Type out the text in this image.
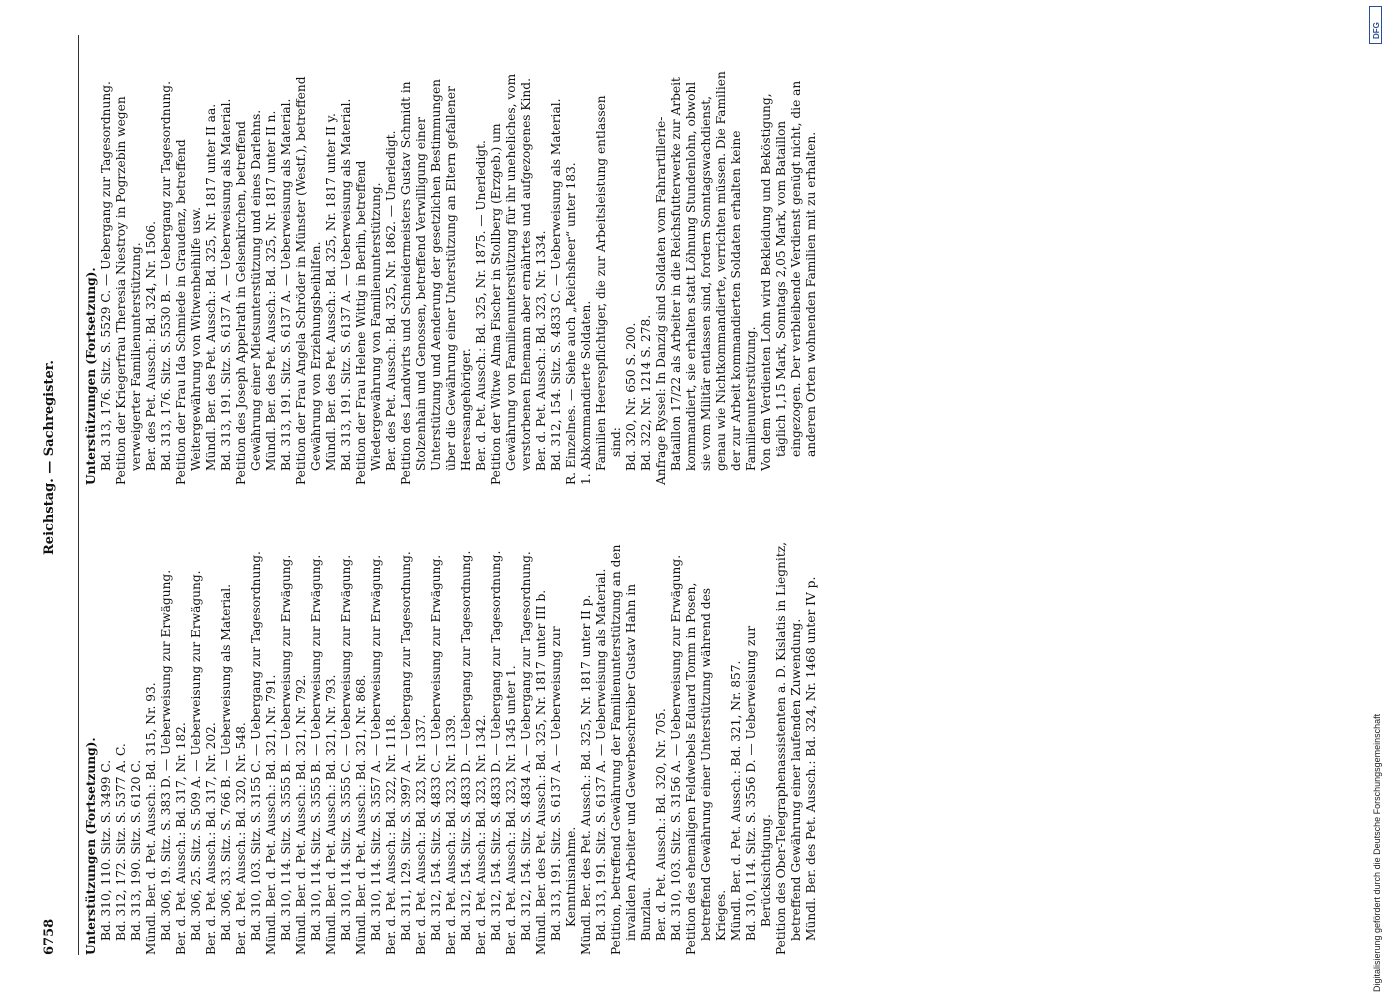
6758
Reichstag. — Sachregister.

Unterstützungen (Fortsetzung). Bd. 310, 110. Sitz. S. 3499 C. Bd. 312, 172. Sitz. S. 5377 A. C. Bd. 313, 190. Sitz. S. 6120 C. Mündl. Ber. d. Pet. Aussch.: Bd. 315, Nr. 93. Bd. 306, 19. Sitz. S. 383 D. — Ueberweisung zur Erwägung. Ber. d. Pet. Aussch.: Bd. 317, Nr. 182. Bd. 306, 25. Sitz. S. 509 A. — Ueberweisung zur Erwägung. Ber. d. Pet. Aussch.: Bd. 317, Nr. 202. Bd. 306, 33. Sitz. S. 766 B. — Ueberweisung als Material. Ber. d. Pet. Aussch.: Bd. 320, Nr. 548. Bd. 310, 103. Sitz. S. 3155 C. — Uebergang zur Tagesordnung. Mündl. Ber. d. Pet. Aussch.: Bd. 321, Nr. 791. Bd. 310, 114. Sitz. S. 3555 B. — Ueberweisung zur Erwägung. Mündl. Ber. d. Pet. Aussch.: Bd. 321, Nr. 792. Bd. 310, 114. Sitz. S. 3555 B. — Ueberweisung zur Erwägung. Mündl. Ber. d. Pet. Aussch.: Bd. 321, Nr. 793. Bd. 310, 114. Sitz. S. 3555 C. — Ueberweisung zur Erwägung. Mündl. Ber. d. Pet. Aussch.: Bd. 321, Nr. 868. Bd. 310, 114. Sitz. S. 3557 A. — Ueberweisung zur Erwägung. Ber. d. Pet. Aussch.: Bd. 322, Nr. 1118. Bd. 311, 129. Sitz. S. 3997 A. — Uebergang zur Tagesordnung. Ber. d. Pet. Aussch.: Bd. 323, Nr. 1337. Bd. 312, 154. Sitz. S. 4833 C. — Ueberweisung zur Erwägung. Ber. d. Pet. Aussch.: Bd. 323, Nr. 1339. Bd. 312, 154. Sitz. S. 4833 D. — Uebergang zur Tagesordnung. Ber. d. Pet. Aussch.: Bd. 323, Nr. 1342. Bd. 312, 154. Sitz. S. 4833 D. — Uebergang zur Tagesordnung. Ber. d. Pet. Aussch.: Bd. 323, Nr. 1345 unter 1. Bd. 312, 154. Sitz. S. 4834 A. — Uebergang zur Tagesordnung. Mündl. Ber. des Pet. Aussch.: Bd. 325, Nr. 1817 unter III b. Bd. 313, 191. Sitz. S. 6137 A. — Ueberweisung zur Kenntnisnahme. Mündl. Ber. des Pet. Aussch.: Bd. 325, Nr. 1817 unter II p. Bd. 313, 191. Sitz. S. 6137 A. — Ueberweisung als Material. Petition, betreffend Gewährung der Familienunterstützung an den invaliden Arbeiter und Gewerbeschreiber Gustav Hahn in Bunzlau. Ber. d. Pet. Aussch.: Bd. 320, Nr. 705. Bd. 310, 103. Sitz. S. 3156 A. — Ueberweisung zur Erwägung. Petition des ehemaligen Feldwebels Eduard Tomm in Posen, betreffend Gewährung einer Unterstützung während des Krieges. Mündl. Ber. d. Pet. Aussch.: Bd. 321, Nr. 857. Bd. 310, 114. Sitz. S. 3556 D. — Ueberweisung zur Berücksichtigung. Petition des Ober-Telegraphenassistenten a. D. Kislatis in Liegnitz, betreffend Gewährung einer laufenden Zuwendung. Mündl. Ber. des Pet. Aussch.: Bd. 324, Nr. 1468 unter IV p.

Unterstützungen (Fortsetzung). Bd. 313, 176. Sitz. S. 5529 C. — Uebergang zur Tagesordnung. Petition der Kriegerfrau Theresia Niestroy in Pogrzebin wegen verweigerter Familienunterstützung. Ber. des Pet. Aussch.: Bd. 324, Nr. 1506. Bd. 313, 176. Sitz. S. 5530 B. — Uebergang zur Tagesordnung. Petition der Frau Ida Schmiede in Graudenz, betreffend Weitergewährung von Witwenbeihilfe usw. Mündl. Ber. des Pet. Aussch.: Bd. 325, Nr. 1817 unter II aa. Bd. 313, 191. Sitz. S. 6137 A. — Ueberweisung als Material. Petition des Joseph Appelrath in Gelsenkirchen, betreffend Gewährung einer Mietsunterstützung und eines Darlehns. Mündl. Ber. des Pet. Aussch.: Bd. 325, Nr. 1817 unter II n. Bd. 313, 191. Sitz. S. 6137 A. — Ueberweisung als Material. Petition der Frau Angela Schröder in Münster (Westf.), betreffend Gewährung von Erziehungsbeihilfen. Mündl. Ber. des Pet. Aussch.: Bd. 325, Nr. 1817 unter II y. Bd. 313, 191. Sitz. S. 6137 A. — Ueberweisung als Material. Petition der Frau Helene Wittig in Berlin, betreffend Wiedergewährung von Familienunterstützung. Ber. des Pet. Aussch.: Bd. 325, Nr. 1862. — Unerledigt. Petition des Landwirts und Schneidermeisters Gustav Schmidt in Stolzenhain und Genossen, betreffend Verwilligung einer Unterstützung und Aenderung der gesetzlichen Bestimmungen über die Gewährung einer Unterstützung an Eltern gefallener Heeresangehöriger. Ber. d. Pet. Aussch.: Bd. 325, Nr. 1875. — Unerledigt. Petition der Witwe Alma Fischer in Stollberg (Erzgeb.) um Gewährung von Familienunterstützung für ihr uneheliches, vom verstorbenen Ehemann aber ernährtes und aufgezogenes Kind. Ber. d. Pet. Aussch.: Bd. 323, Nr. 1334. Bd. 312, 154. Sitz. S. 4833 C. — Ueberweisung als Material. R. Einzelnes. — Siehe auch „Reichsheer“ unter 183. 1. Abkommandierte Soldaten. Familien Heerespflichtiger, die zur Arbeitsleistung entlassen sind: Bd. 320, Nr. 650 S. 200. Bd. 322, Nr. 1214 S. 278. Anfrage Ryssel: In Danzig sind Soldaten vom Fahrartillerie-Bataillon 17/22 als Arbeiter in die Reichsfutterwerke zur Arbeit kommandiert, sie erhalten statt Löhnung Stundenlohn, obwohl sie vom Militär entlassen sind, fordern Sonntagswachdienst, genau wie Nichtkommandierte, verrichten müssen. Die Familien der zur Arbeit kommandierten Soldaten erhalten keine Familienunterstützung. Von dem Verdienten Lohn wird Bekleidung und Beköstigung, täglich 1,15 Mark, Sonntags 2,05 Mark, vom Bataillon eingezogen. Der verbleibende Verdienst genügt nicht, die an anderen Orten wohnenden Familien mit zu erhalten.

DFG
Digitalisierung gefördert durch die Deutsche Forschungsgemeinschaft
